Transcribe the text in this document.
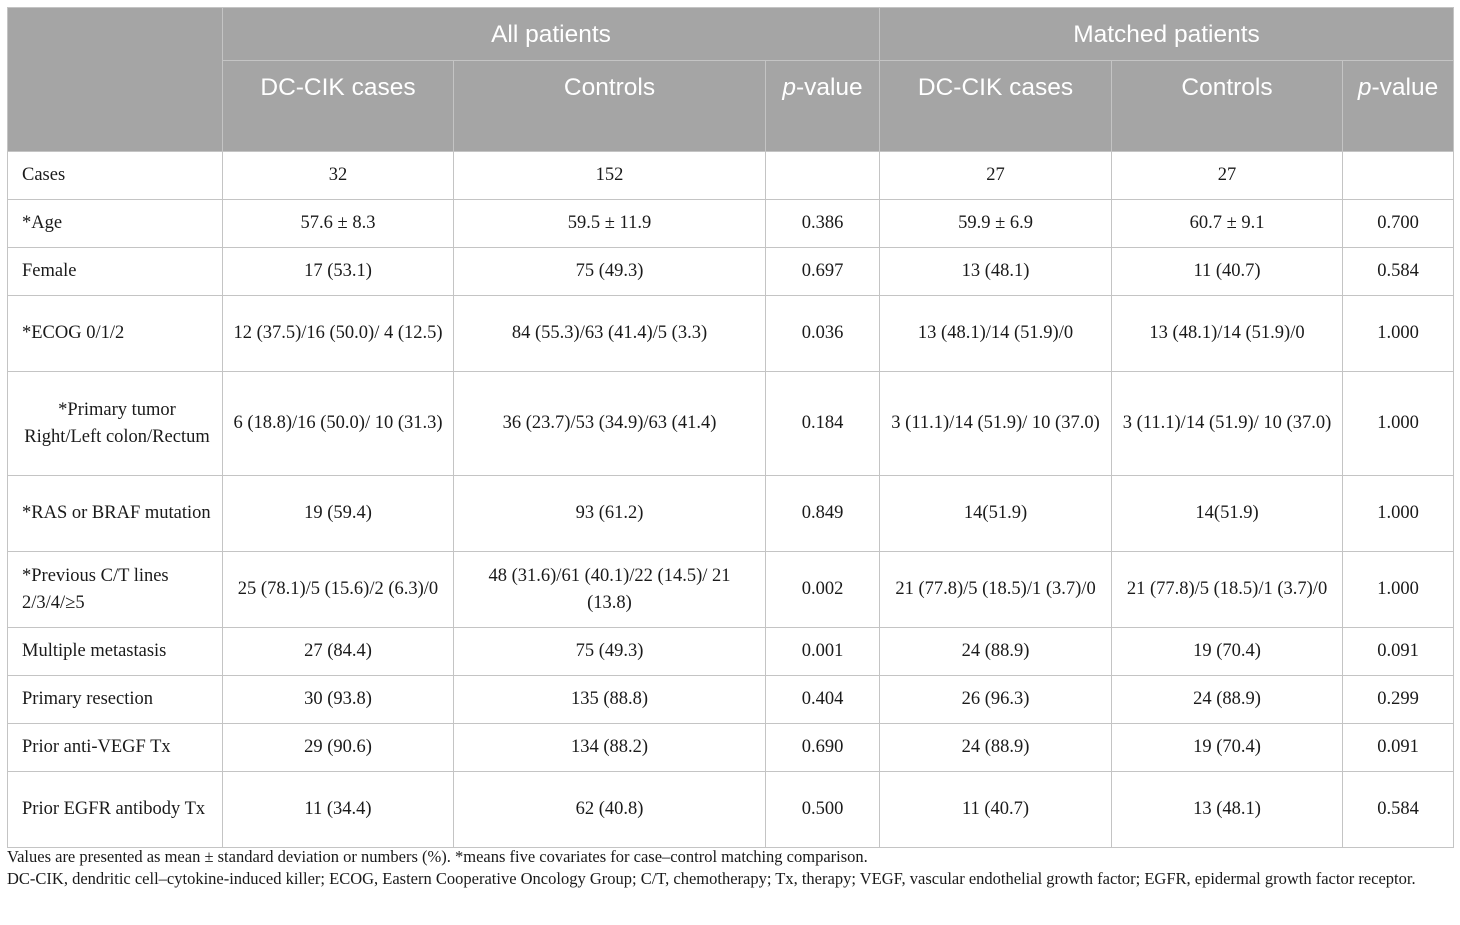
	All patients			Matched patients		
	DC-CIK cases	Controls	p-value	DC-CIK cases	Controls	p-value
Cases	32	152		27	27	
*Age	57.6 ± 8.3	59.5 ± 11.9	0.386	59.9 ± 6.9	60.7 ± 9.1	0.700
Female	17 (53.1)	75 (49.3)	0.697	13 (48.1)	11 (40.7)	0.584
*ECOG 0/1/2	12 (37.5)/16 (50.0)/ 4 (12.5)	84 (55.3)/63 (41.4)/5 (3.3)	0.036	13 (48.1)/14 (51.9)/0	13 (48.1)/14 (51.9)/0	1.000
*Primary tumor Right/Left colon/Rectum	6 (18.8)/16 (50.0)/ 10 (31.3)	36 (23.7)/53 (34.9)/63 (41.4)	0.184	3 (11.1)/14 (51.9)/ 10 (37.0)	3 (11.1)/14 (51.9)/ 10 (37.0)	1.000
*RAS or BRAF mutation	19 (59.4)	93 (61.2)	0.849	14(51.9)	14(51.9)	1.000
*Previous C/T lines 2/3/4/≥5	25 (78.1)/5 (15.6)/2 (6.3)/0	48 (31.6)/61 (40.1)/22 (14.5)/ 21 (13.8)	0.002	21 (77.8)/5 (18.5)/1 (3.7)/0	21 (77.8)/5 (18.5)/1 (3.7)/0	1.000
Multiple metastasis	27 (84.4)	75 (49.3)	0.001	24 (88.9)	19 (70.4)	0.091
Primary resection	30 (93.8)	135 (88.8)	0.404	26 (96.3)	24 (88.9)	0.299
Prior anti-VEGF Tx	29 (90.6)	134 (88.2)	0.690	24 (88.9)	19 (70.4)	0.091
Prior EGFR antibody Tx	11 (34.4)	62 (40.8)	0.500	11 (40.7)	13 (48.1)	0.584

Values are presented as mean ± standard deviation or numbers (%). *means five covariates for case–control matching comparison.

DC-CIK, dendritic cell–cytokine-induced killer; ECOG, Eastern Cooperative Oncology Group; C/T, chemotherapy; Tx, therapy; VEGF, vascular endothelial growth factor; EGFR, epidermal growth factor receptor.
